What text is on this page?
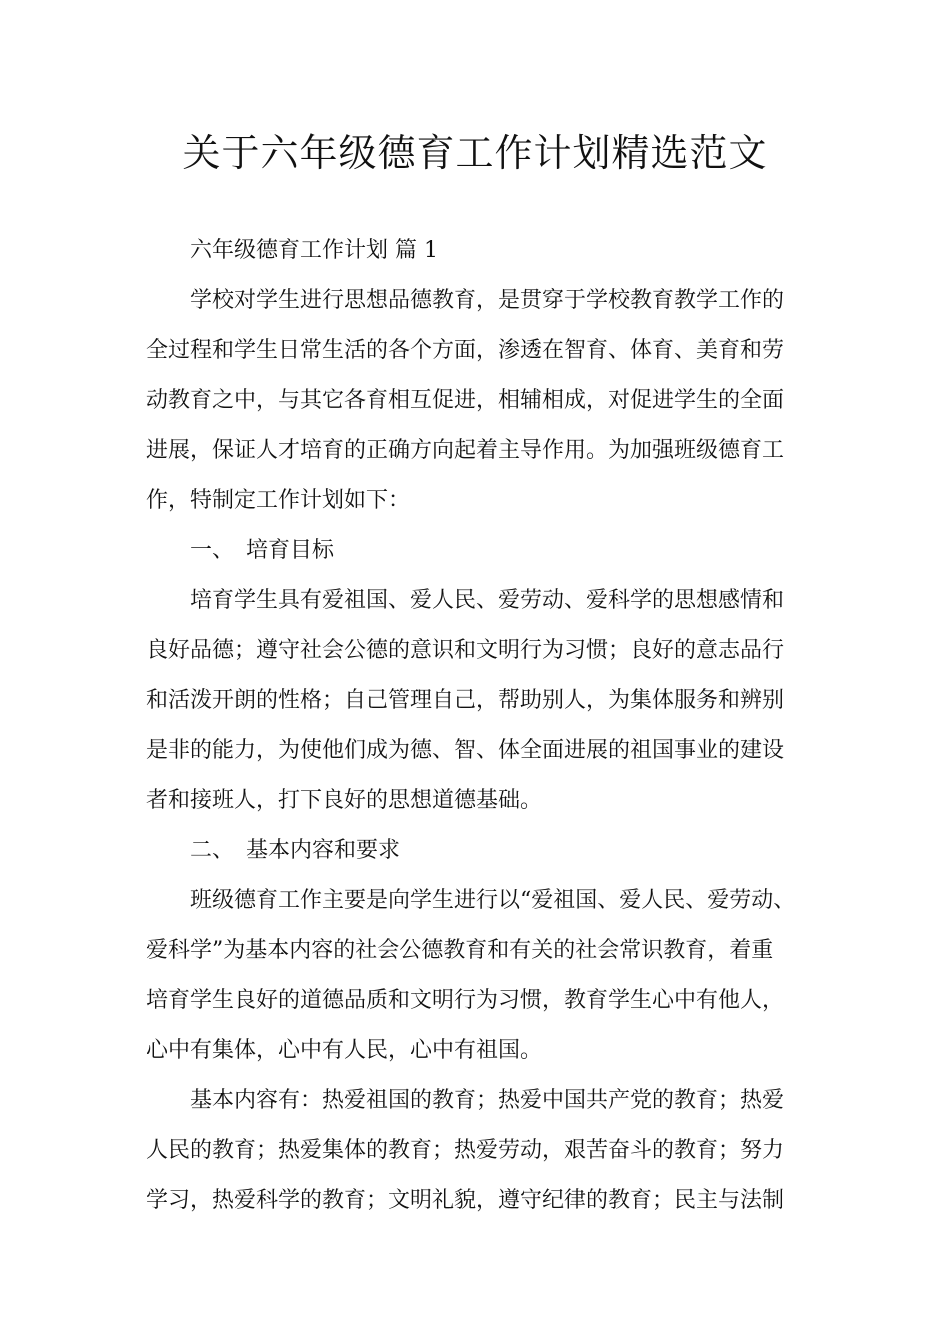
关于六年级德育工作计划精选范文
六年级德育工作计划 篇 1
学校对学生进行思想品德教育，是贯穿于学校教育教学工作的
全过程和学生日常生活的各个方面，渗透在智育、体育、美育和劳
动教育之中，与其它各育相互促进，相辅相成，对促进学生的全面
进展，保证人才培育的正确方向起着主导作用。为加强班级德育工
作，特制定工作计划如下：
一、 培育目标
培育学生具有爱祖国、爱人民、爱劳动、爱科学的思想感情和
良好品德；遵守社会公德的意识和文明行为习惯；良好的意志品行
和活泼开朗的性格；自己管理自己，帮助别人，为集体服务和辨别
是非的能力，为使他们成为德、智、体全面进展的祖国事业的建设
者和接班人，打下良好的思想道德基础。
二、 基本内容和要求
班级德育工作主要是向学生进行以“爱祖国、爱人民、爱劳动、
爱科学”为基本内容的社会公德教育和有关的社会常识教育，着重
培育学生良好的道德品质和文明行为习惯，教育学生心中有他人，
心中有集体，心中有人民，心中有祖国。
基本内容有：热爱祖国的教育；热爱中国共产党的教育；热爱
人民的教育；热爱集体的教育；热爱劳动，艰苦奋斗的教育；努力
学习，热爱科学的教育；文明礼貌，遵守纪律的教育；民主与法制
